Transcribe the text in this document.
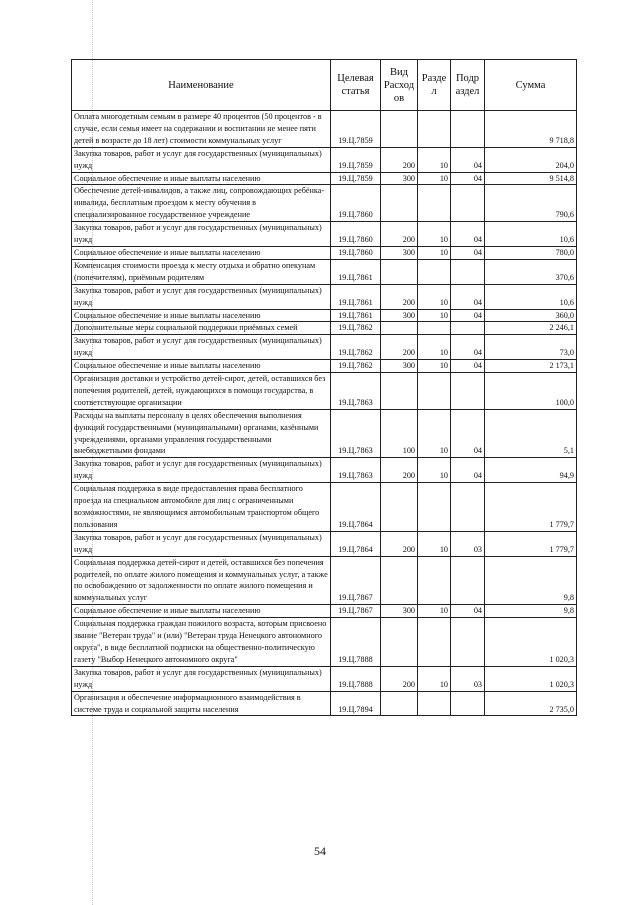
Наименование	Целевая статья	Вид Расход ов	Разде л	Подр аздел	Сумма
Оплата многодетным семьям в размере 40 процентов (50 процентов - в случае, если семья имеет на содержании и воспитании не менее пяти детей в возрасте до 18 лет) стоимости коммунальных услуг	19.Ц.7859				9 718,8
Закупка товаров, работ и услуг для государственных (муниципальных) нужд	19.Ц.7859	200	10	04	204,0
Социальное обеспечение и иные выплаты населению	19.Ц.7859	300	10	04	9 514,8
Обеспечение детей-инвалидов, а также лиц, сопровождающих ребёнка-инвалида, бесплатным проездом к месту обучения в специализированное государственное учреждение	19.Ц.7860				790,6
Закупка товаров, работ и услуг для государственных (муниципальных) нужд	19.Ц.7860	200	10	04	10,6
Социальное обеспечение и иные выплаты населению	19.Ц.7860	300	10	04	780,0
Компенсация стоимости проезда к месту отдыха и обратно опекунам (попечителям), приёмным родителям	19.Ц.7861				370,6
Закупка товаров, работ и услуг для государственных (муниципальных) нужд	19.Ц.7861	200	10	04	10,6
Социальное обеспечение и иные выплаты населению	19.Ц.7861	300	10	04	360,0
Дополнительные меры социальной поддержки приёмных семей	19.Ц.7862				2 246,1
Закупка товаров, работ и услуг для государственных (муниципальных) нужд	19.Ц.7862	200	10	04	73,0
Социальное обеспечение и иные выплаты населению	19.Ц.7862	300	10	04	2 173,1
Организация доставки и устройство детей-сирот, детей, оставшихся без попечения родителей, детей, нуждающихся в помощи государства, в соответствующие организации	19.Ц.7863				100,0
Расходы на выплаты персоналу в целях обеспечения выполнения функций государственными (муниципальными) органами, казёнными учреждениями, органами управления государственными внебюджетными фондами	19.Ц.7863	100	10	04	5,1
Закупка товаров, работ и услуг для государственных (муниципальных) нужд	19.Ц.7863	200	10	04	94,9
Социальная поддержка в виде предоставления права бесплатного проезда на специальном автомобиле для лиц с ограниченными возможностями, не являющимся автомобильным транспортом общего пользования	19.Ц.7864				1 779,7
Закупка товаров, работ и услуг для государственных (муниципальных) нужд	19.Ц.7864	200	10	03	1 779,7
Социальная поддержка детей-сирот и детей, оставшихся без попечения родителей, по оплате жилого помещения и коммунальных услуг, а также по освобождению от задолженности по оплате жилого помещения и коммунальных услуг	19.Ц.7867				9,8
Социальное обеспечение и иные выплаты населению	19.Ц.7867	300	10	04	9,8
Социальная поддержка граждан пожилого возраста, которым присвоено звание "Ветеран труда" и (или) "Ветеран труда Ненецкого автономного округа", в виде бесплатной подписки на общественно-политическую газету "Выбор Ненецкого автономного округа"	19.Ц.7888				1 020,3
Закупка товаров, работ и услуг для государственных (муниципальных) нужд	19.Ц.7888	200	10	03	1 020,3
Организация и обеспечение информационного взаимодействия в системе труда и социальной защиты населения	19.Ц.7894				2 735,0
54
